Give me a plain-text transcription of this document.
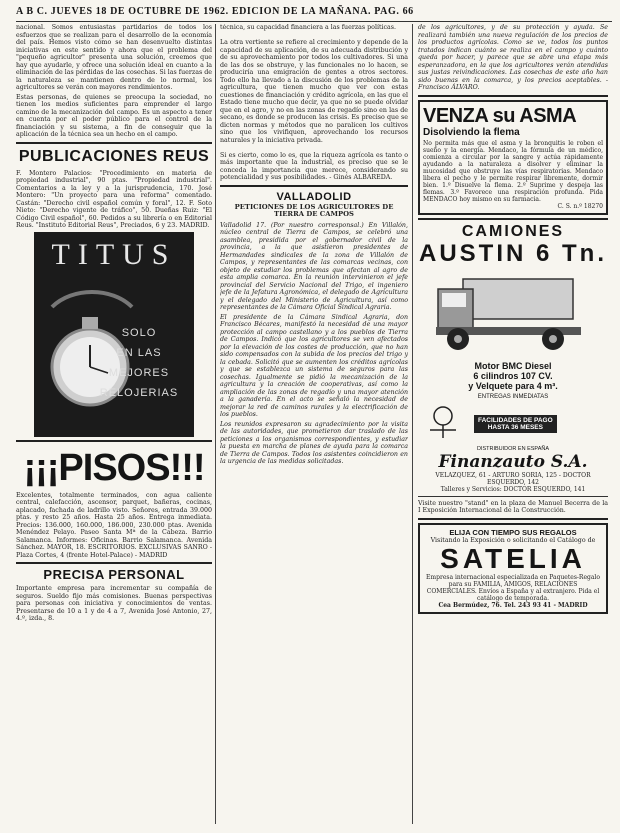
A B C. JUEVES 18 DE OCTUBRE DE 1962. EDICION DE LA MAÑANA. PAG. 66

nacional. Somos entusiastas partidarios de todos los esfuerzos que se realizan para el desarrollo de la economía del país. Hemos visto cómo se han desenvuelto distintas iniciativas en este sentido y ahora que el problema del "pequeño agricultor" presenta una solución, creemos que hay que ayudarle, y ofrece una solución ideal en cuanto a la eliminación de las pérdidas de las cosechas. Si las fuerzas de la naturaleza se mantienen dentro de lo normal, los agricultores se verán con mayores rendimientos.

Estas personas, de quienes se preocupa la sociedad, no tienen los medios suficientes para emprender el largo camino de la mecanización del campo. Es un aspecto a tener en cuenta por el poder público para el control de la financiación y su sistema, a fin de conseguir que la aplicación de la técnica sea un hecho en el campo.

PUBLICACIONES REUS

F. Montero Palacios: "Procedimiento en materia de propiedad industrial", 90 ptas. "Propiedad industrial". Comentarios a la ley y a la jurisprudencia, 170. José Montero: "Un proyecto para una reforma" comentado. Castán: "Derecho civil español común y foral", 12. F. Soto Nieto: "Derecho vigente de tráfico", 50. Dueñas Ruiz: "El Código Civil español", 60. Pedidos a su librería o en Editorial Reus. "Instituto Editorial Reus", Preciados, 6 y 23. MADRID.

TITUS
SOLO
EN LAS
MEJORES
RELOJERIAS
¡¡¡PISOS!!!

Excelentes, totalmente terminados, con agua caliente central, calefacción, ascensor, parquet, bañeras, cocinas, aplacado, fachada de ladrillo visto. Señores, entrada 39.000 ptas. y resto 25 años. Hasta 25 años. Entrega inmediata. Precios: 136.000, 160.000, 186.000, 230.000 ptas. Avenida Menéndez Pelayo. Paseo Santa Mª de la Cabeza. Barrio Salamanca. Informes: Oficinas. Barrio Salamanca. Avenida Sánchez. MAYOR, 18. ESCRITORIOS. EXCLUSIVAS SANRO - Plaza Cortes, 4 (frente Hotel-Palace) - MADRID

PRECISA PERSONAL

Importante empresa para incrementar su compañía de seguros. Sueldo fijo más comisiones. Buenas perspectivas para personas con iniciativa y conocimientos de ventas. Presentarse de 10 a 1 y de 4 a 7, Avenida José Antonio, 27, 4.º, izda., 8.

técnica, su capacidad financiera a las fuerzas políticas.

La otra vertiente se refiere al crecimiento y depende de la capacidad de su aplicación, de su adecuada distribución y de su aprovechamiento por todos los cultivadores. Si una de las dos se obstruye, y las funcionales no lo hacen, se produciría una emigración de gentes a otros sectores. Todo ello ha llevado a la discusión de los problemas de la agricultura, que tienen mucho que ver con estas cuestiones de financiación y crédito agrícola, en las que el Estado tiene mucho que decir, ya que no se puede olvidar que en el agro, y no en las zonas de regadío sino en las de secano, es donde se producen las crisis. Es preciso que se dicten normas y métodos que no paralicen los cultivos sino que los vivifiquen, aprovechando los recursos naturales y la iniciativa privada.

Si es cierto, como lo es, que la riqueza agrícola es tanto o más importante que la industrial, es preciso que se le conceda la importancia que merece, considerando su potencialidad y sus posibilidades. - Ginés ALBAREDA.

VALLADOLID
PETICIONES DE LOS AGRICULTORES DE TIERRA DE CAMPOS

Valladolid 17. (Por nuestro corresponsal.) En Villalón, núcleo central de Tierra de Campos, se celebró una asamblea, presidida por el gobernador civil de la provincia, a la que asistieron presidentes de Hermandades sindicales de la zona de Villalón de Campos, y representantes de las comarcas vecinas, con objeto de estudiar los problemas que afectan al agro de esta amplia comarca. En la reunión intervinieron el jefe provincial del Servicio Nacional del Trigo, el ingeniero jefe de la Jefatura Agronómica, el delegado de Agricultura y el delegado del Ministerio de Agricultura, así como representantes de la Cámara Oficial Sindical Agraria.

El presidente de la Cámara Sindical Agraria, don Francisco Bécares, manifestó la necesidad de una mayor protección al campo castellano y a los pueblos de Tierra de Campos. Indicó que los agricultores se ven afectados por la elevación de los costes de producción, que no han sido compensados con la subida de los precios del trigo y la cebada. Solicitó que se aumenten los créditos agrícolas y que se establezca un sistema de seguros para las cosechas. Igualmente se pidió la mecanización de la agricultura y la creación de cooperativas, así como la ampliación de las zonas de regadío y una mayor atención a la ganadería. En el acto se señaló la necesidad de mejorar la red de caminos rurales y la electrificación de los pueblos.

Los reunidos expresaron su agradecimiento por la visita de las autoridades, que prometieron dar traslado de las peticiones a los organismos correspondientes, y estudiar la puesta en marcha de planes de ayuda para la comarca de Tierra de Campos. Todos los asistentes coincidieron en la urgencia de las medidas solicitadas.

de los agricultores, y de su protección y ayuda. Se realizará también una nueva regulación de los precios de los productos agrícolas. Como se ve, todos los puntos tratados indican cuánto se realiza en el campo y cuánto queda por hacer, y parece que se abre una etapa más esperanzadora, en la que los agricultores verán atendidas sus justas reivindicaciones. Las cosechas de este año han sido buenas en la comarca, y los precios aceptables. - Francisco ÁLVARO.

VENZA su ASMA
Disolviendo la flema

No permita más que el asma y la bronquitis le roben el sueño y la energía. Mendaco, la fórmula de un médico, comienza a circular por la sangre y actúa rápidamente ayudando a la naturaleza a disolver y eliminar la mucosidad que obstruye las vías respiratorias. Mendaco libera el pecho y le permite respirar libremente, dormir bien. 1.º Disuelve la flema. 2.º Suprime y despeja las flemas. 3.º Favorece una respiración profunda. Pida MENDACO hoy mismo en su farmacia.

C. S. n.º 18270
CAMIONES
AUSTIN 6 Tn.
Motor BMC Diesel
6 cilindros 107 CV.
y Velquete para 4 m³.
ENTREGAS INMEDIATAS
FACILIDADES DE PAGO
HASTA 36 MESES
DISTRIBUIDOR EN ESPAÑA
Finanzauto S.A.
VELAZQUEZ, 61 - ARTURO SORIA, 125 - DOCTOR ESQUERDO, 142
Talleres y Servicios: DOCTOR ESQUERDO, 141

Visite nuestro "stand" en la plaza de Manuel Becerra de la I Exposición Internacional de la Construcción.

ELIJA CON TIEMPO SUS REGALOS
Visitando la Exposición o solicitando el Catálogo de
SATELIA

Empresa internacional especializada en Paquetes-Regalo para su FAMILIA, AMIGOS, RELACIONES COMERCIALES. Envíos a España y al extranjero. Pida el catálogo de temporada.

Cea Bermúdez, 76. Tel. 243 93 41 - MADRID
